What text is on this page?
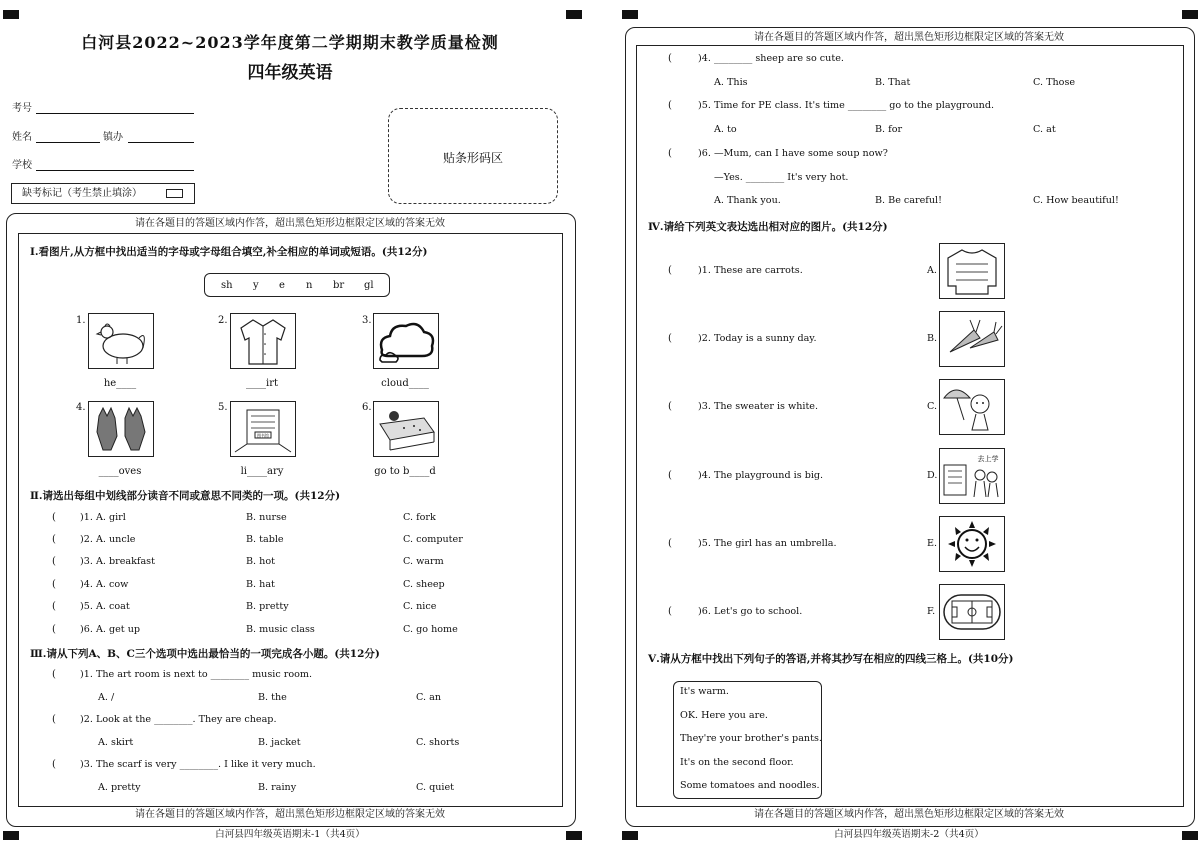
白河县2022~2023学年度第二学期期末教学质量检测
四年级英语
考号
姓名	镇办
学校
缺考标记（考生禁止填涂）
贴条形码区
请在各题目的答题区域内作答，超出黑色矩形边框限定区域的答案无效
请在各题目的答题区域内作答，超出黑色矩形边框限定区域的答案无效
白河县四年级英语期末-1（共4页）
Ⅰ.看图片,从方框中找出适当的字母或字母组合填空,补全相应的单词或短语。(共12分)
sh y e n br gl
1.
he____
2.
____irt
3.
cloud____
4.
____oves
5.
图书馆
li____ary
6.
go to b____d
Ⅱ.请选出每组中划线部分读音不同或意思不同类的一项。(共12分)
(	)1. A. girl	B. nurse	C. fork
(	)2. A. uncle	B. table	C. computer
(	)3. A. breakfast	B. hot	C. warm
(	)4. A. cow	B. hat	C. sheep
(	)5. A. coat	B. pretty	C. nice
(	)6. A. get up	B. music class	C. go home
Ⅲ.请从下列A、B、C三个选项中选出最恰当的一项完成各小题。(共12分)
(	)1. The art room is next to ________ music room.
A. /	B. the	C. an
(	)2. Look at the ________. They are cheap.
A. skirt	B. jacket	C. shorts
(	)3. The scarf is very ________. I like it very much.
A. pretty	B. rainy	C. quiet
请在各题目的答题区域内作答，超出黑色矩形边框限定区域的答案无效
请在各题目的答题区域内作答，超出黑色矩形边框限定区域的答案无效
白河县四年级英语期末-2（共4页）
(	)4. ________ sheep are so cute.
A. This	B. That	C. Those
(	)5. Time for PE class. It's time ________ go to the playground.
A. to	B. for	C. at
(	)6. —Mum, can I have some soup now?
—Yes. ________ It's very hot.
A. Thank you.	B. Be careful!	C. How beautiful!
Ⅳ.请给下列英文表达选出相对应的图片。(共12分)
(	)1. These are carrots.	A.
(	)2. Today is a sunny day.	B.
(	)3. The sweater is white.	C.
(	)4. The playground is big.	D.
去上学
(	)5. The girl has an umbrella.	E.
(	)6. Let's go to school.	F.
Ⅴ.请从方框中找出下列句子的答语,并将其抄写在相应的四线三格上。(共10分)
It's warm.
OK. Here you are.
They're your brother's pants.
It's on the second floor.
Some tomatoes and noodles.
